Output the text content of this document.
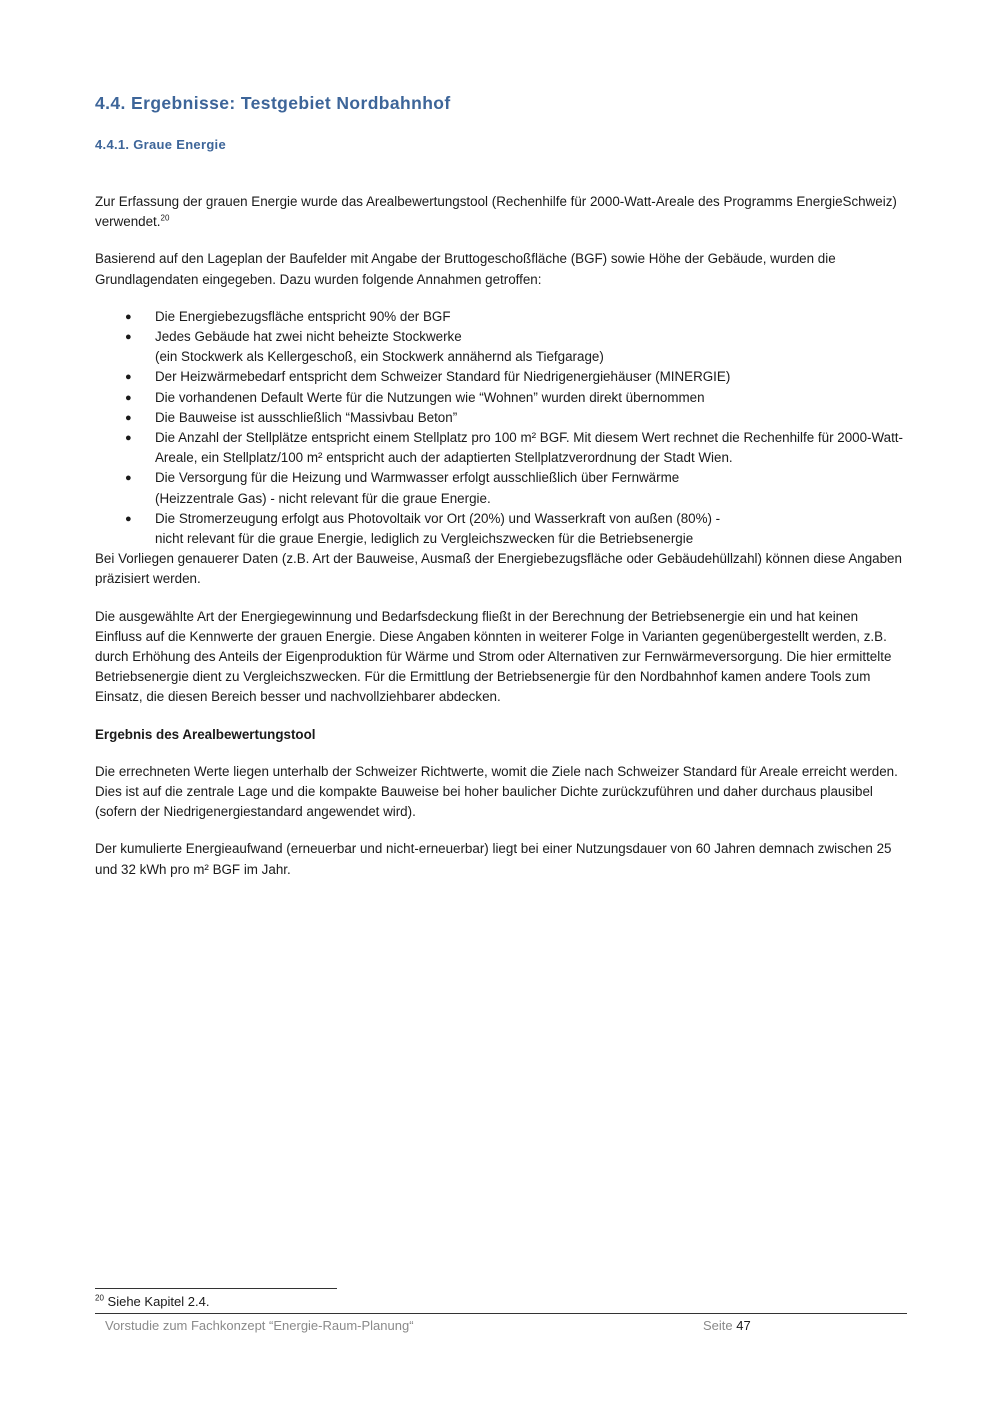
4.4. Ergebnisse: Testgebiet Nordbahnhof
4.4.1. Graue Energie

Zur Erfassung der grauen Energie wurde das Arealbewertungstool (Rechenhilfe für 2000-Watt-Areale des Programms EnergieSchweiz) verwendet.$^{20}$

Basierend auf den Lageplan der Baufelder mit Angabe der Bruttogeschoßfläche (BGF) sowie Höhe der Gebäude, wurden die Grundlagendaten eingegeben. Dazu wurden folgende Annahmen getroffen:

● Die Energiebezugsfläche entspricht 90% der BGF
● Jedes Gebäude hat zwei nicht beheizte Stockwerke
(ein Stockwerk als Kellergeschoß, ein Stockwerk annähernd als Tiefgarage)
● Der Heizwärmebedarf entspricht dem Schweizer Standard für Niedrigenergiehäuser (MINERGIE)
● Die vorhandenen Default Werte für die Nutzungen wie “Wohnen” wurden direkt übernommen
● Die Bauweise ist ausschließlich “Massivbau Beton”
● Die Anzahl der Stellplätze entspricht einem Stellplatz pro 100 m² BGF. Mit diesem Wert rechnet die Rechenhilfe für 2000-Watt-Areale, ein Stellplatz/100 m² entspricht auch der adaptierten Stellplatzverordnung der Stadt Wien.
● Die Versorgung für die Heizung und Warmwasser erfolgt ausschließlich über Fernwärme
(Heizzentrale Gas) - nicht relevant für die graue Energie.
● Die Stromerzeugung erfolgt aus Photovoltaik vor Ort (20%) und Wasserkraft von außen (80%) -
nicht relevant für die graue Energie, lediglich zu Vergleichszwecken für die Betriebsenergie

Bei Vorliegen genauerer Daten (z.B. Art der Bauweise, Ausmaß der Energiebezugsfläche oder Gebäudehüllzahl) können diese Angaben präzisiert werden.

Die ausgewählte Art der Energiegewinnung und Bedarfsdeckung fließt in der Berechnung der Betriebsenergie ein und hat keinen Einfluss auf die Kennwerte der grauen Energie. Diese Angaben könnten in weiterer Folge in Varianten gegenübergestellt werden, z.B. durch Erhöhung des Anteils der Eigenproduktion für Wärme und Strom oder Alternativen zur Fernwärmeversorgung. Die hier ermittelte Betriebsenergie dient zu Vergleichszwecken. Für die Ermittlung der Betriebsenergie für den Nordbahnhof kamen andere Tools zum Einsatz, die diesen Bereich besser und nachvollziehbarer abdecken.

Ergebnis des Arealbewertungstool

Die errechneten Werte liegen unterhalb der Schweizer Richtwerte, womit die Ziele nach Schweizer Standard für Areale erreicht werden. Dies ist auf die zentrale Lage und die kompakte Bauweise bei hoher baulicher Dichte zurückzuführen und daher durchaus plausibel (sofern der Niedrigenergiestandard angewendet wird).

Der kumulierte Energieaufwand (erneuerbar und nicht-erneuerbar) liegt bei einer Nutzungsdauer von 60 Jahren demnach zwischen 25 und 32 kWh pro m² BGF im Jahr.

$^{20}$ Siehe Kapitel 2.4.
Vorstudie zum Fachkonzept “Energie-Raum-Planung“	Seite 47
